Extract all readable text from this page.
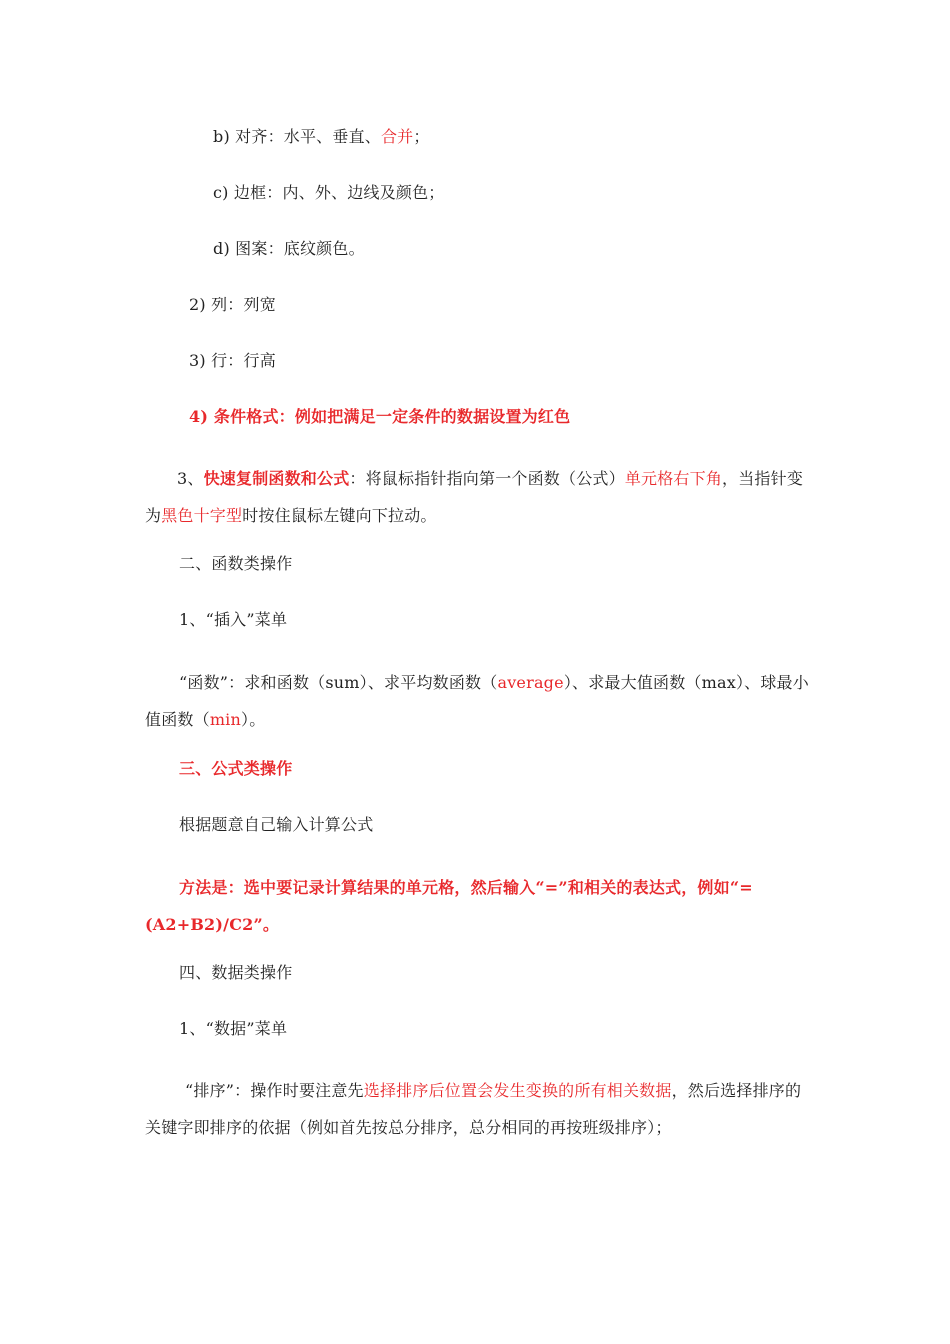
b) 对齐：水平、垂直、合并；

c) 边框：内、外、边线及颜色；

d) 图案：底纹颜色。

2) 列：列宽

3) 行：行高

4) 条件格式：例如把满足一定条件的数据设置为红色

3、快速复制函数和公式：将鼠标指针指向第一个函数（公式）单元格右下角，当指针变为黑色十字型时按住鼠标左键向下拉动。

二、函数类操作

1、“插入”菜单

“函数”：求和函数（sum）、求平均数函数（average）、求最大值函数（max）、球最小值函数（min）。

三、公式类操作

根据题意自己输入计算公式

方法是：选中要记录计算结果的单元格，然后输入“=”和相关的表达式，例如“=(A2+B2)/C2”。

四、数据类操作

1、“数据”菜单

“排序”：操作时要注意先选择排序后位置会发生变换的所有相关数据，然后选择排序的关键字即排序的依据（例如首先按总分排序，总分相同的再按班级排序）；
